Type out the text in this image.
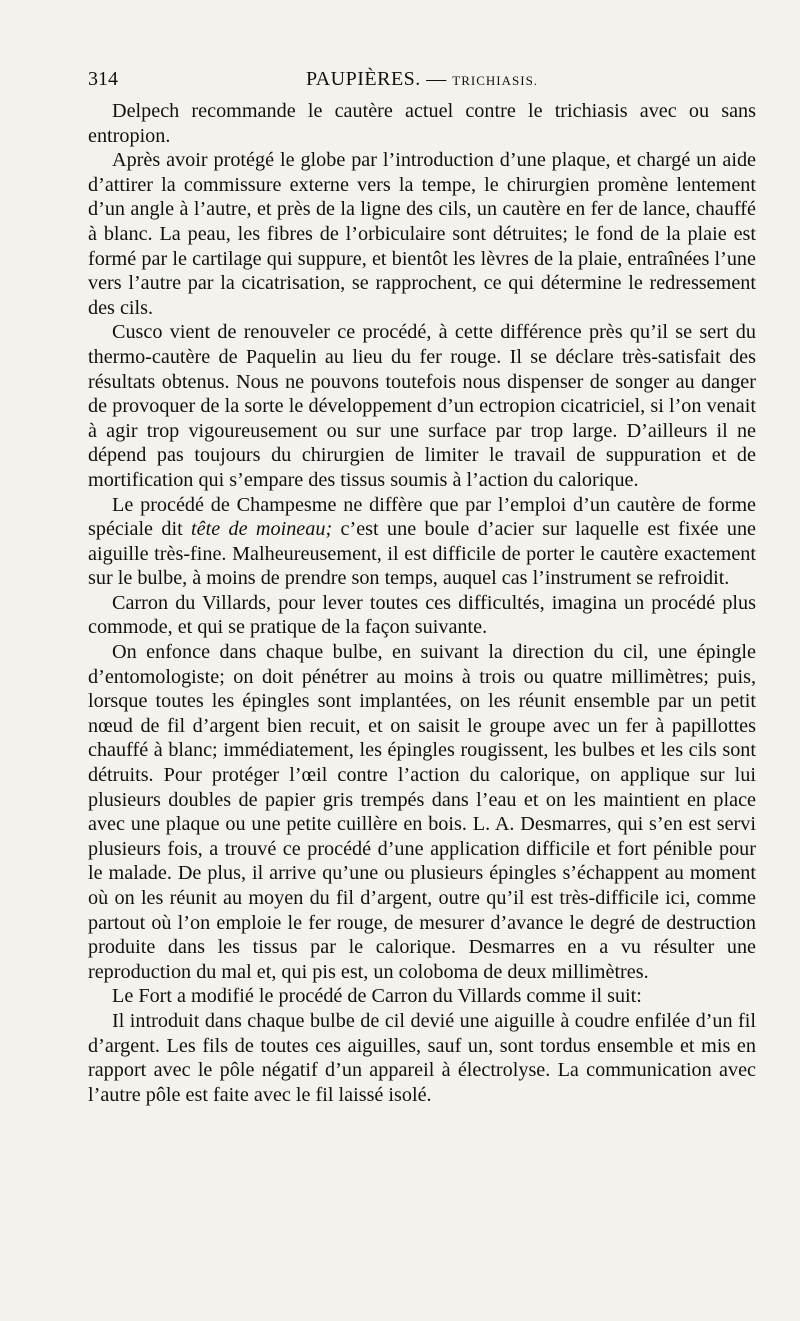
314	PAUPIÈRES. — TRICHIASIS.

Delpech recommande le cautère actuel contre le trichiasis avec ou sans entropion.

Après avoir protégé le globe par l’introduction d’une plaque, et chargé un aide d’attirer la commissure externe vers la tempe, le chirurgien promène lentement d’un angle à l’autre, et près de la ligne des cils, un cautère en fer de lance, chauffé à blanc. La peau, les fibres de l’orbiculaire sont détruites; le fond de la plaie est formé par le cartilage qui suppure, et bientôt les lèvres de la plaie, entraînées l’une vers l’autre par la cicatrisation, se rapprochent, ce qui détermine le redressement des cils.

Cusco vient de renouveler ce procédé, à cette différence près qu’il se sert du thermo-cautère de Paquelin au lieu du fer rouge. Il se déclare très-satisfait des résultats obtenus. Nous ne pouvons toutefois nous dispenser de songer au danger de provoquer de la sorte le développement d’un ectropion cicatriciel, si l’on venait à agir trop vigoureusement ou sur une surface par trop large. D’ailleurs il ne dépend pas toujours du chirurgien de limiter le travail de suppuration et de mortification qui s’empare des tissus soumis à l’action du calorique.

Le procédé de Champesme ne diffère que par l’emploi d’un cautère de forme spéciale dit tête de moineau; c’est une boule d’acier sur laquelle est fixée une aiguille très-fine. Malheureusement, il est difficile de porter le cautère exactement sur le bulbe, à moins de prendre son temps, auquel cas l’instrument se refroidit.

Carron du Villards, pour lever toutes ces difficultés, imagina un procédé plus commode, et qui se pratique de la façon suivante.

On enfonce dans chaque bulbe, en suivant la direction du cil, une épingle d’entomologiste; on doit pénétrer au moins à trois ou quatre millimètres; puis, lorsque toutes les épingles sont implantées, on les réunit ensemble par un petit nœud de fil d’argent bien recuit, et on saisit le groupe avec un fer à papillottes chauffé à blanc; immédiatement, les épingles rougissent, les bulbes et les cils sont détruits. Pour protéger l’œil contre l’action du calorique, on applique sur lui plusieurs doubles de papier gris trempés dans l’eau et on les maintient en place avec une plaque ou une petite cuillère en bois. L. A. Desmarres, qui s’en est servi plusieurs fois, a trouvé ce procédé d’une application difficile et fort pénible pour le malade. De plus, il arrive qu’une ou plusieurs épingles s’échappent au moment où on les réunit au moyen du fil d’argent, outre qu’il est très-difficile ici, comme partout où l’on emploie le fer rouge, de mesurer d’avance le degré de destruction produite dans les tissus par le calorique. Desmarres en a vu résulter une reproduction du mal et, qui pis est, un coloboma de deux millimètres.

Le Fort a modifié le procédé de Carron du Villards comme il suit:

Il introduit dans chaque bulbe de cil devié une aiguille à coudre enfilée d’un fil d’argent. Les fils de toutes ces aiguilles, sauf un, sont tordus ensemble et mis en rapport avec le pôle négatif d’un appareil à électrolyse. La communication avec l’autre pôle est faite avec le fil laissé isolé.
